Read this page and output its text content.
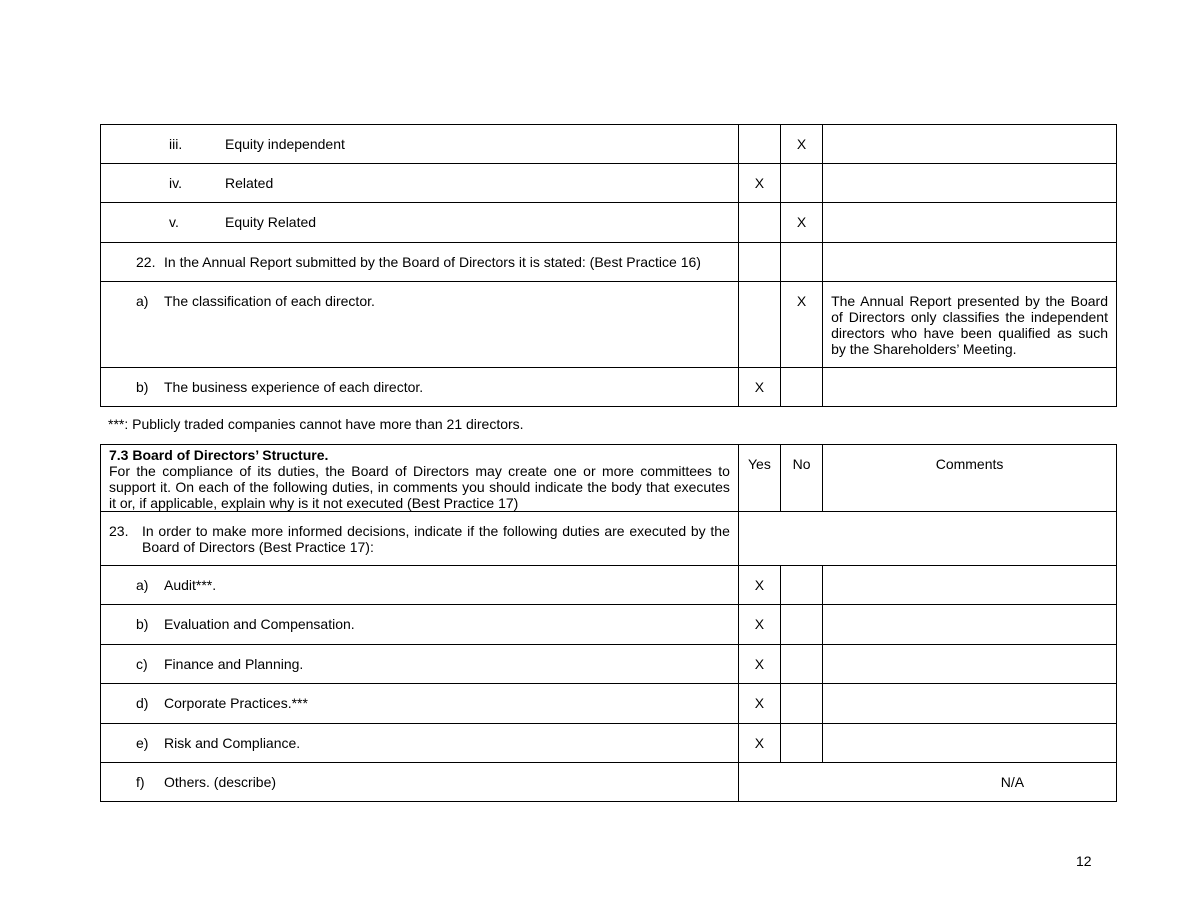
iii. Equity independent		X	

iv. Related	X		

v. Equity Related		X	

22. In the Annual Report submitted by the Board of Directors it is stated: (Best Practice 16)			

a) The classification of each director.		X	The Annual Report presented by the Board of Directors only classifies the independent directors who have been qualified as such by the Shareholders’ Meeting.

b) The business experience of each director.	X		

***: Publicly traded companies cannot have more than 21 directors.
7.3 Board of Directors’ Structure.
For the compliance of its duties, the Board of Directors may create one or more committees to support it. On each of the following duties, in comments you should indicate the body that executes it or, if applicable, explain why is it not executed (Best Practice 17)	Yes	No	Comments

23. In order to make more informed decisions, indicate if the following duties are executed by the Board of Directors (Best Practice 17):			

a) Audit***.	X		

b) Evaluation and Compensation.	X		

c) Finance and Planning.	X		

d) Corporate Practices.***	X		

e) Risk and Compliance.	X		

f) Others. (describe)	N/A		
12
